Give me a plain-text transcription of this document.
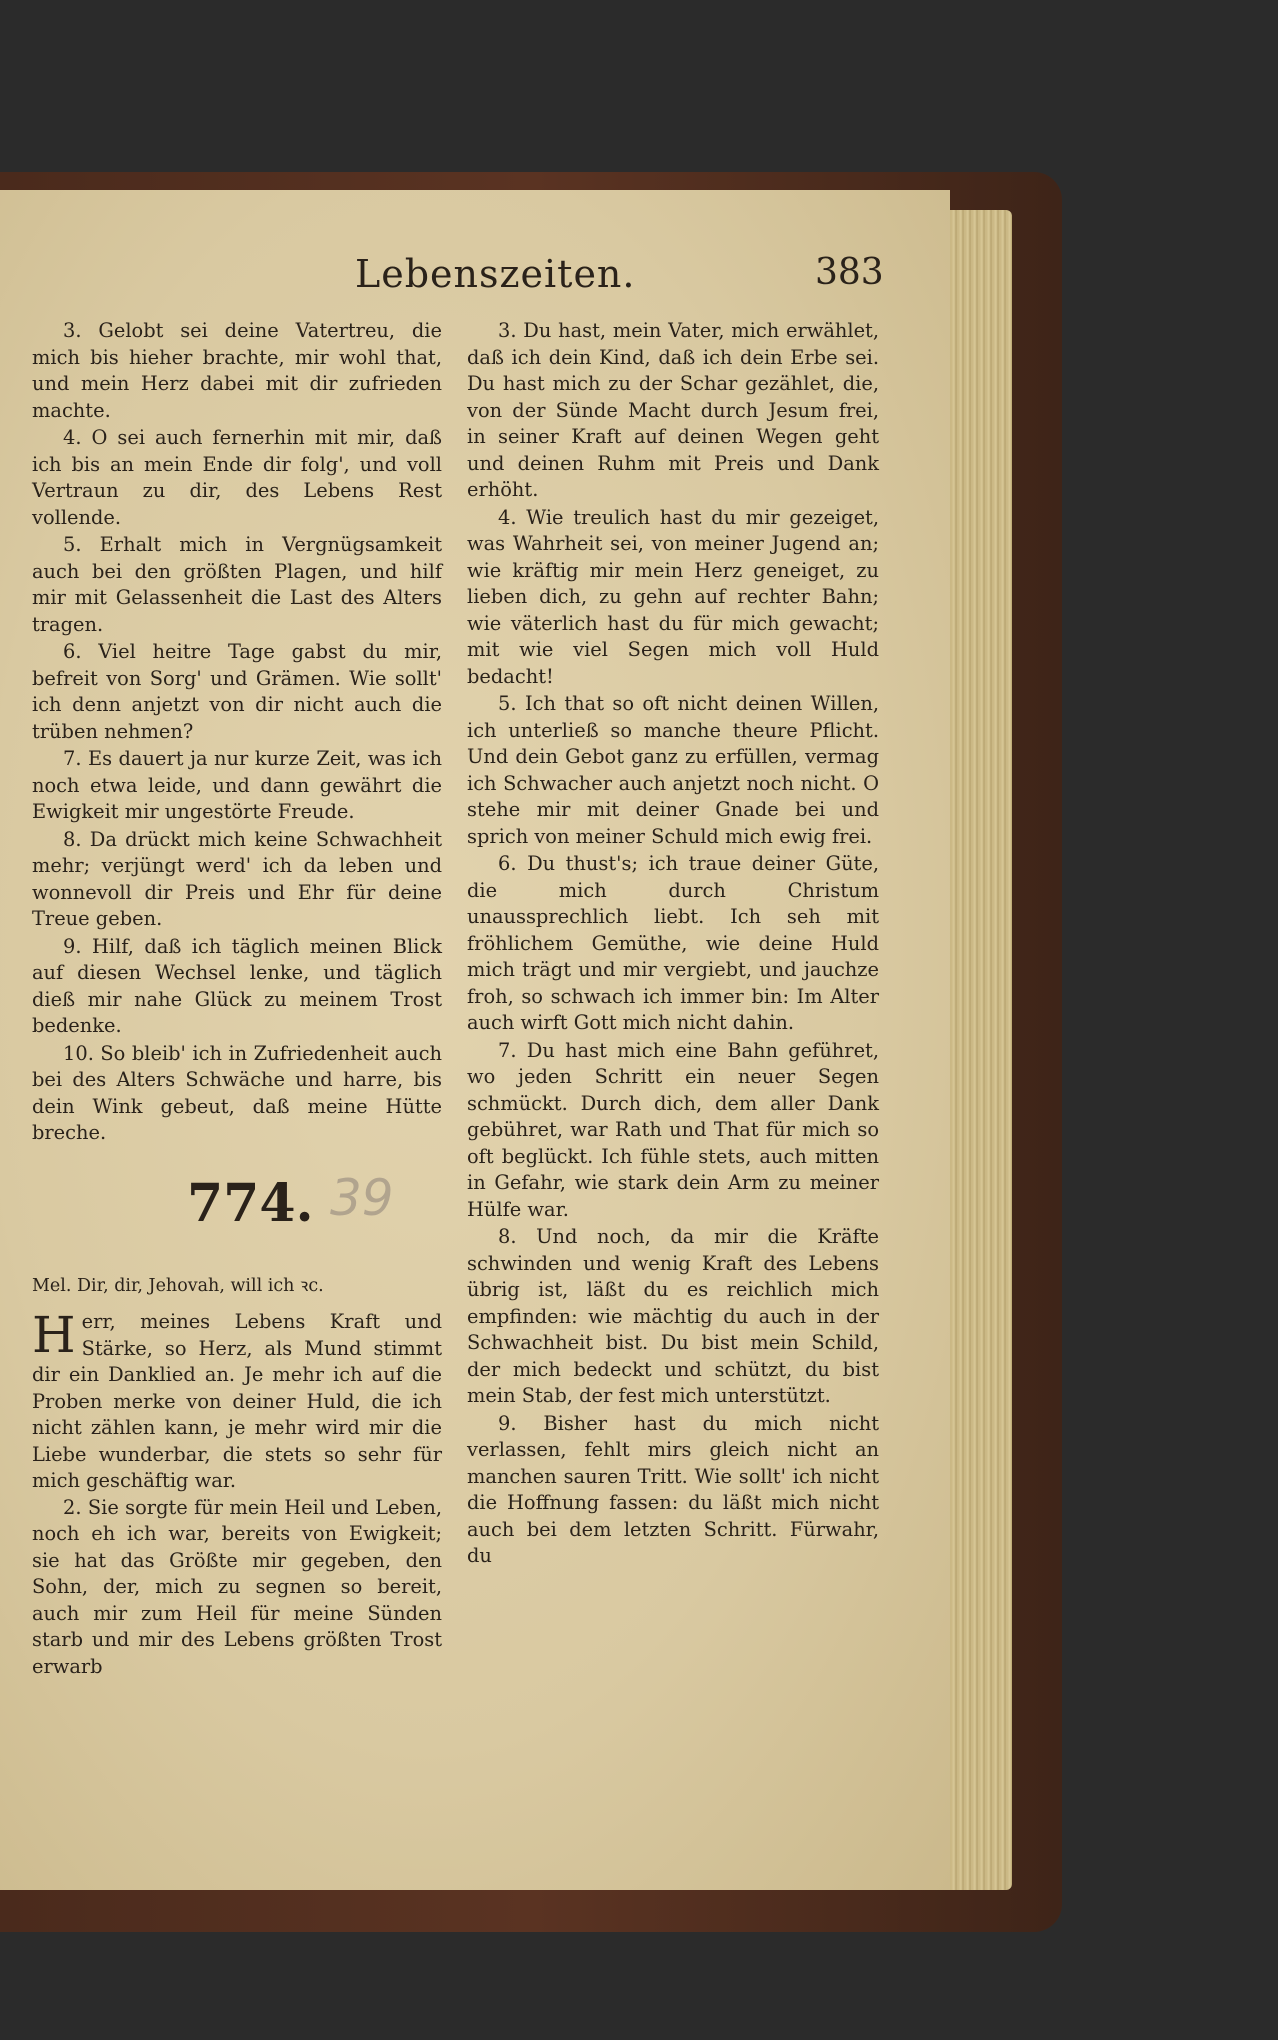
Lebenszeiten.	383

3. Gelobt sei deine Vatertreu, die mich bis hieher brachte, mir wohl that, und mein Herz dabei mit dir zufrieden machte.

4. O sei auch fernerhin mit mir, daß ich bis an mein Ende dir folg', und voll Vertraun zu dir, des Lebens Rest vollende.

5. Erhalt mich in Vergnügsamkeit auch bei den größten Plagen, und hilf mir mit Gelassenheit die Last des Alters tragen.

6. Viel heitre Tage gabst du mir, befreit von Sorg' und Grämen. Wie sollt' ich denn anjetzt von dir nicht auch die trüben nehmen?

7. Es dauert ja nur kurze Zeit, was ich noch etwa leide, und dann gewährt die Ewigkeit mir ungestörte Freude.

8. Da drückt mich keine Schwachheit mehr; verjüngt werd' ich da leben und wonnevoll dir Preis und Ehr für deine Treue geben.

9. Hilf, daß ich täglich meinen Blick auf diesen Wechsel lenke, und täglich dieß mir nahe Glück zu meinem Trost bedenke.

10. So bleib' ich in Zufriedenheit auch bei des Alters Schwäche und harre, bis dein Wink gebeut, daß meine Hütte breche.

774. 39
Mel. Dir, dir, Jehovah, will ich ꝛc.
Herr, meines Lebens Kraft und Stärke, so Herz, als Mund stimmt dir ein Danklied an. Je mehr ich auf die Proben merke von deiner Huld, die ich nicht zählen kann, je mehr wird mir die Liebe wunderbar, die stets so sehr für mich geschäftig war.

2. Sie sorgte für mein Heil und Leben, noch eh ich war, bereits von Ewigkeit; sie hat das Größte mir gegeben, den Sohn, der, mich zu segnen so bereit, auch mir zum Heil für meine Sünden starb und mir des Lebens größten Trost erwarb

3. Du hast, mein Vater, mich erwählet, daß ich dein Kind, daß ich dein Erbe sei. Du hast mich zu der Schar gezählet, die, von der Sünde Macht durch Jesum frei, in seiner Kraft auf deinen Wegen geht und deinen Ruhm mit Preis und Dank erhöht.

4. Wie treulich hast du mir gezeiget, was Wahrheit sei, von meiner Jugend an; wie kräftig mir mein Herz geneiget, zu lieben dich, zu gehn auf rechter Bahn; wie väterlich hast du für mich gewacht; mit wie viel Segen mich voll Huld bedacht!

5. Ich that so oft nicht deinen Willen, ich unterließ so manche theure Pflicht. Und dein Gebot ganz zu erfüllen, vermag ich Schwacher auch anjetzt noch nicht. O stehe mir mit deiner Gnade bei und sprich von meiner Schuld mich ewig frei.

6. Du thust's; ich traue deiner Güte, die mich durch Christum unaussprechlich liebt. Ich seh mit fröhlichem Gemüthe, wie deine Huld mich trägt und mir vergiebt, und jauchze froh, so schwach ich immer bin: Im Alter auch wirft Gott mich nicht dahin.

7. Du hast mich eine Bahn geführet, wo jeden Schritt ein neuer Segen schmückt. Durch dich, dem aller Dank gebühret, war Rath und That für mich so oft beglückt. Ich fühle stets, auch mitten in Gefahr, wie stark dein Arm zu meiner Hülfe war.

8. Und noch, da mir die Kräfte schwinden und wenig Kraft des Lebens übrig ist, läßt du es reichlich mich empfinden: wie mächtig du auch in der Schwachheit bist. Du bist mein Schild, der mich bedeckt und schützt, du bist mein Stab, der fest mich unterstützt.

9. Bisher hast du mich nicht verlassen, fehlt mirs gleich nicht an manchen sauren Tritt. Wie sollt' ich nicht die Hoffnung fassen: du läßt mich nicht auch bei dem letzten Schritt. Fürwahr, du
